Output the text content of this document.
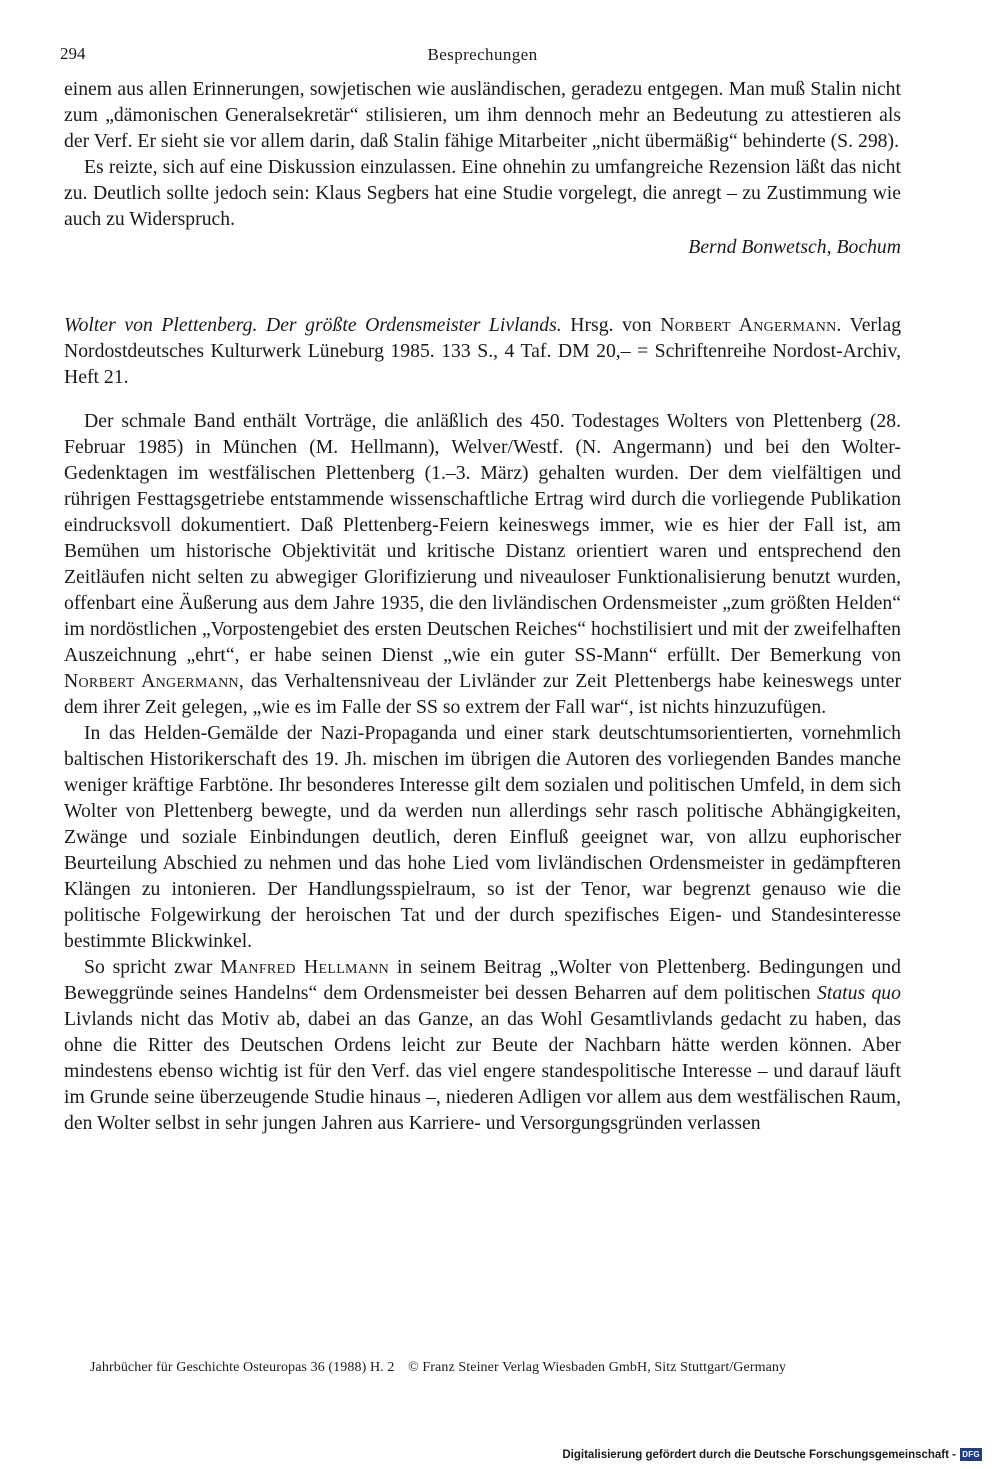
294	Besprechungen

einem aus allen Erinnerungen, sowjetischen wie ausländischen, geradezu entgegen. Man muß Stalin nicht zum „dämonischen Generalsekretär“ stilisieren, um ihm dennoch mehr an Bedeutung zu attestieren als der Verf. Er sieht sie vor allem darin, daß Stalin fähige Mitarbeiter „nicht übermäßig“ behinderte (S. 298).

Es reizte, sich auf eine Diskussion einzulassen. Eine ohnehin zu umfangreiche Rezension läßt das nicht zu. Deutlich sollte jedoch sein: Klaus Segbers hat eine Studie vorgelegt, die anregt – zu Zustimmung wie auch zu Widerspruch.

Bernd Bonwetsch, Bochum

Wolter von Plettenberg. Der größte Ordensmeister Livlands. Hrsg. von Norbert Angermann. Verlag Nordostdeutsches Kulturwerk Lüneburg 1985. 133 S., 4 Taf. DM 20,– = Schriftenreihe Nordost-Archiv, Heft 21.

Der schmale Band enthält Vorträge, die anläßlich des 450. Todestages Wolters von Plettenberg (28. Februar 1985) in München (M. Hellmann), Welver/Westf. (N. Angermann) und bei den Wolter-Gedenktagen im westfälischen Plettenberg (1.–3. März) gehalten wurden. Der dem vielfältigen und rührigen Festtagsgetriebe entstammende wissenschaftliche Ertrag wird durch die vorliegende Publikation eindrucksvoll dokumentiert. Daß Plettenberg-Feiern keineswegs immer, wie es hier der Fall ist, am Bemühen um historische Objektivität und kritische Distanz orientiert waren und entsprechend den Zeitläufen nicht selten zu abwegiger Glorifizierung und niveauloser Funktionalisierung benutzt wurden, offenbart eine Äußerung aus dem Jahre 1935, die den livländischen Ordensmeister „zum größten Helden“ im nordöstlichen „Vorpostengebiet des ersten Deutschen Reiches“ hochstilisiert und mit der zweifelhaften Auszeichnung „ehrt“, er habe seinen Dienst „wie ein guter SS-Mann“ erfüllt. Der Bemerkung von Norbert Angermann, das Verhaltensniveau der Livländer zur Zeit Plettenbergs habe keineswegs unter dem ihrer Zeit gelegen, „wie es im Falle der SS so extrem der Fall war“, ist nichts hinzuzufügen.

In das Helden-Gemälde der Nazi-Propaganda und einer stark deutschtumsorientierten, vornehmlich baltischen Historikerschaft des 19. Jh. mischen im übrigen die Autoren des vorliegenden Bandes manche weniger kräftige Farbtöne. Ihr besonderes Interesse gilt dem sozialen und politischen Umfeld, in dem sich Wolter von Plettenberg bewegte, und da werden nun allerdings sehr rasch politische Abhängigkeiten, Zwänge und soziale Einbindungen deutlich, deren Einfluß geeignet war, von allzu euphorischer Beurteilung Abschied zu nehmen und das hohe Lied vom livländischen Ordensmeister in gedämpfteren Klängen zu intonieren. Der Handlungsspielraum, so ist der Tenor, war begrenzt genauso wie die politische Folgewirkung der heroischen Tat und der durch spezifisches Eigen- und Standesinteresse bestimmte Blickwinkel.

So spricht zwar Manfred Hellmann in seinem Beitrag „Wolter von Plettenberg. Bedingungen und Beweggründe seines Handelns“ dem Ordensmeister bei dessen Beharren auf dem politischen Status quo Livlands nicht das Motiv ab, dabei an das Ganze, an das Wohl Gesamtlivlands gedacht zu haben, das ohne die Ritter des Deutschen Ordens leicht zur Beute der Nachbarn hätte werden können. Aber mindestens ebenso wichtig ist für den Verf. das viel engere standespolitische Interesse – und darauf läuft im Grunde seine überzeugende Studie hinaus –, niederen Adligen vor allem aus dem westfälischen Raum, den Wolter selbst in sehr jungen Jahren aus Karriere- und Versorgungsgründen verlassen

Jahrbücher für Geschichte Osteuropas 36 (1988) H. 2 © Franz Steiner Verlag Wiesbaden GmbH, Sitz Stuttgart/Germany
Digitalisierung gefördert durch die Deutsche Forschungsgemeinschaft - DFG
